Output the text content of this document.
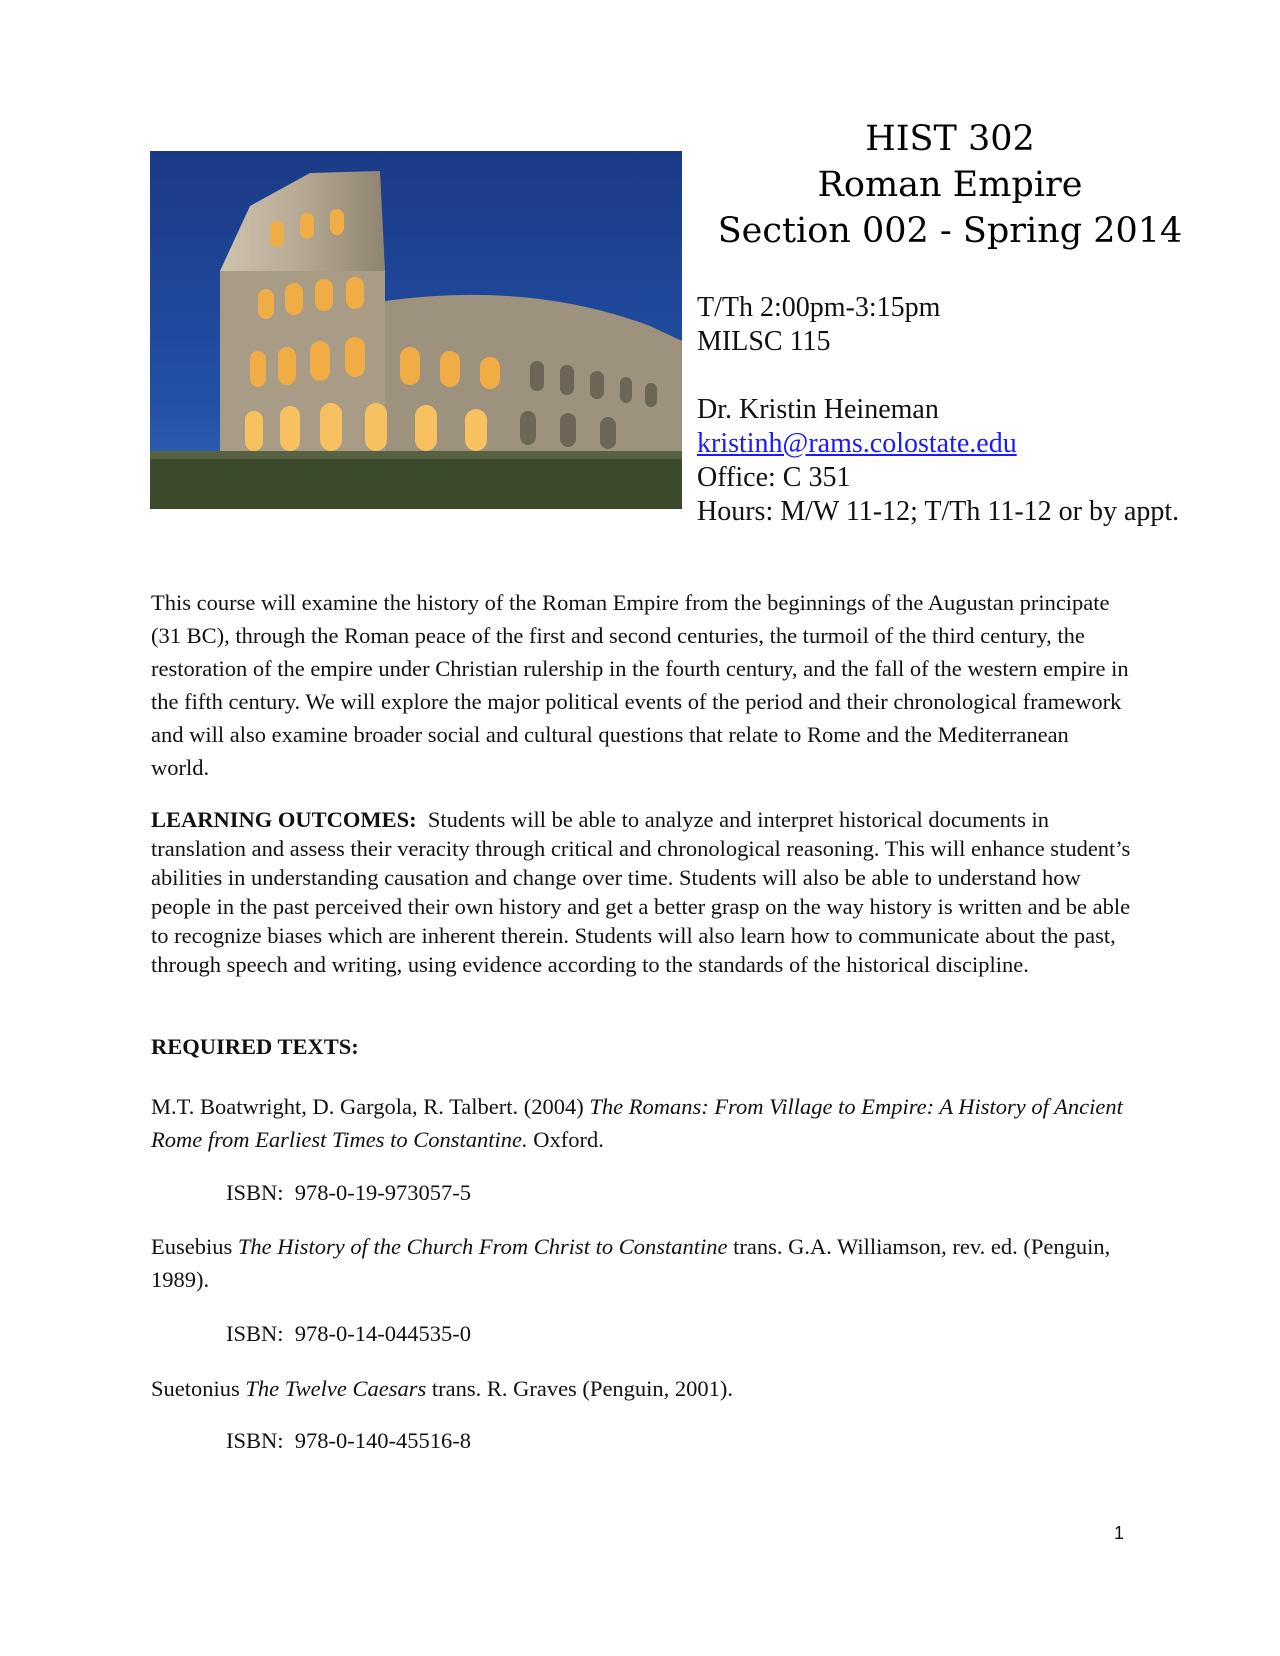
HIST 302
Roman Empire
Section 002 - Spring 2014
T/Th 2:00pm-3:15pm
MILSC 115
Dr. Kristin Heineman
kristinh@rams.colostate.edu
Office: C 351
Hours: M/W 11-12; T/Th 11-12 or by appt.
This course will examine the history of the Roman Empire from the beginnings of the Augustan principate (31 BC), through the Roman peace of the first and second centuries, the turmoil of the third century, the restoration of the empire under Christian rulership in the fourth century, and the fall of the western empire in the fifth century. We will explore the major political events of the period and their chronological framework and will also examine broader social and cultural questions that relate to Rome and the Mediterranean world.
LEARNING OUTCOMES: Students will be able to analyze and interpret historical documents in translation and assess their veracity through critical and chronological reasoning. This will enhance student’s abilities in understanding causation and change over time. Students will also be able to understand how people in the past perceived their own history and get a better grasp on the way history is written and be able to recognize biases which are inherent therein. Students will also learn how to communicate about the past, through speech and writing, using evidence according to the standards of the historical discipline.
REQUIRED TEXTS:
M.T. Boatwright, D. Gargola, R. Talbert. (2004) The Romans: From Village to Empire: A History of Ancient Rome from Earliest Times to Constantine. Oxford.
ISBN:  978-0-19-973057-5
Eusebius The History of the Church From Christ to Constantine trans. G.A. Williamson, rev. ed. (Penguin, 1989).
ISBN:  978-0-14-044535-0
Suetonius The Twelve Caesars trans. R. Graves (Penguin, 2001).
ISBN:  978-0-140-45516-8
1
